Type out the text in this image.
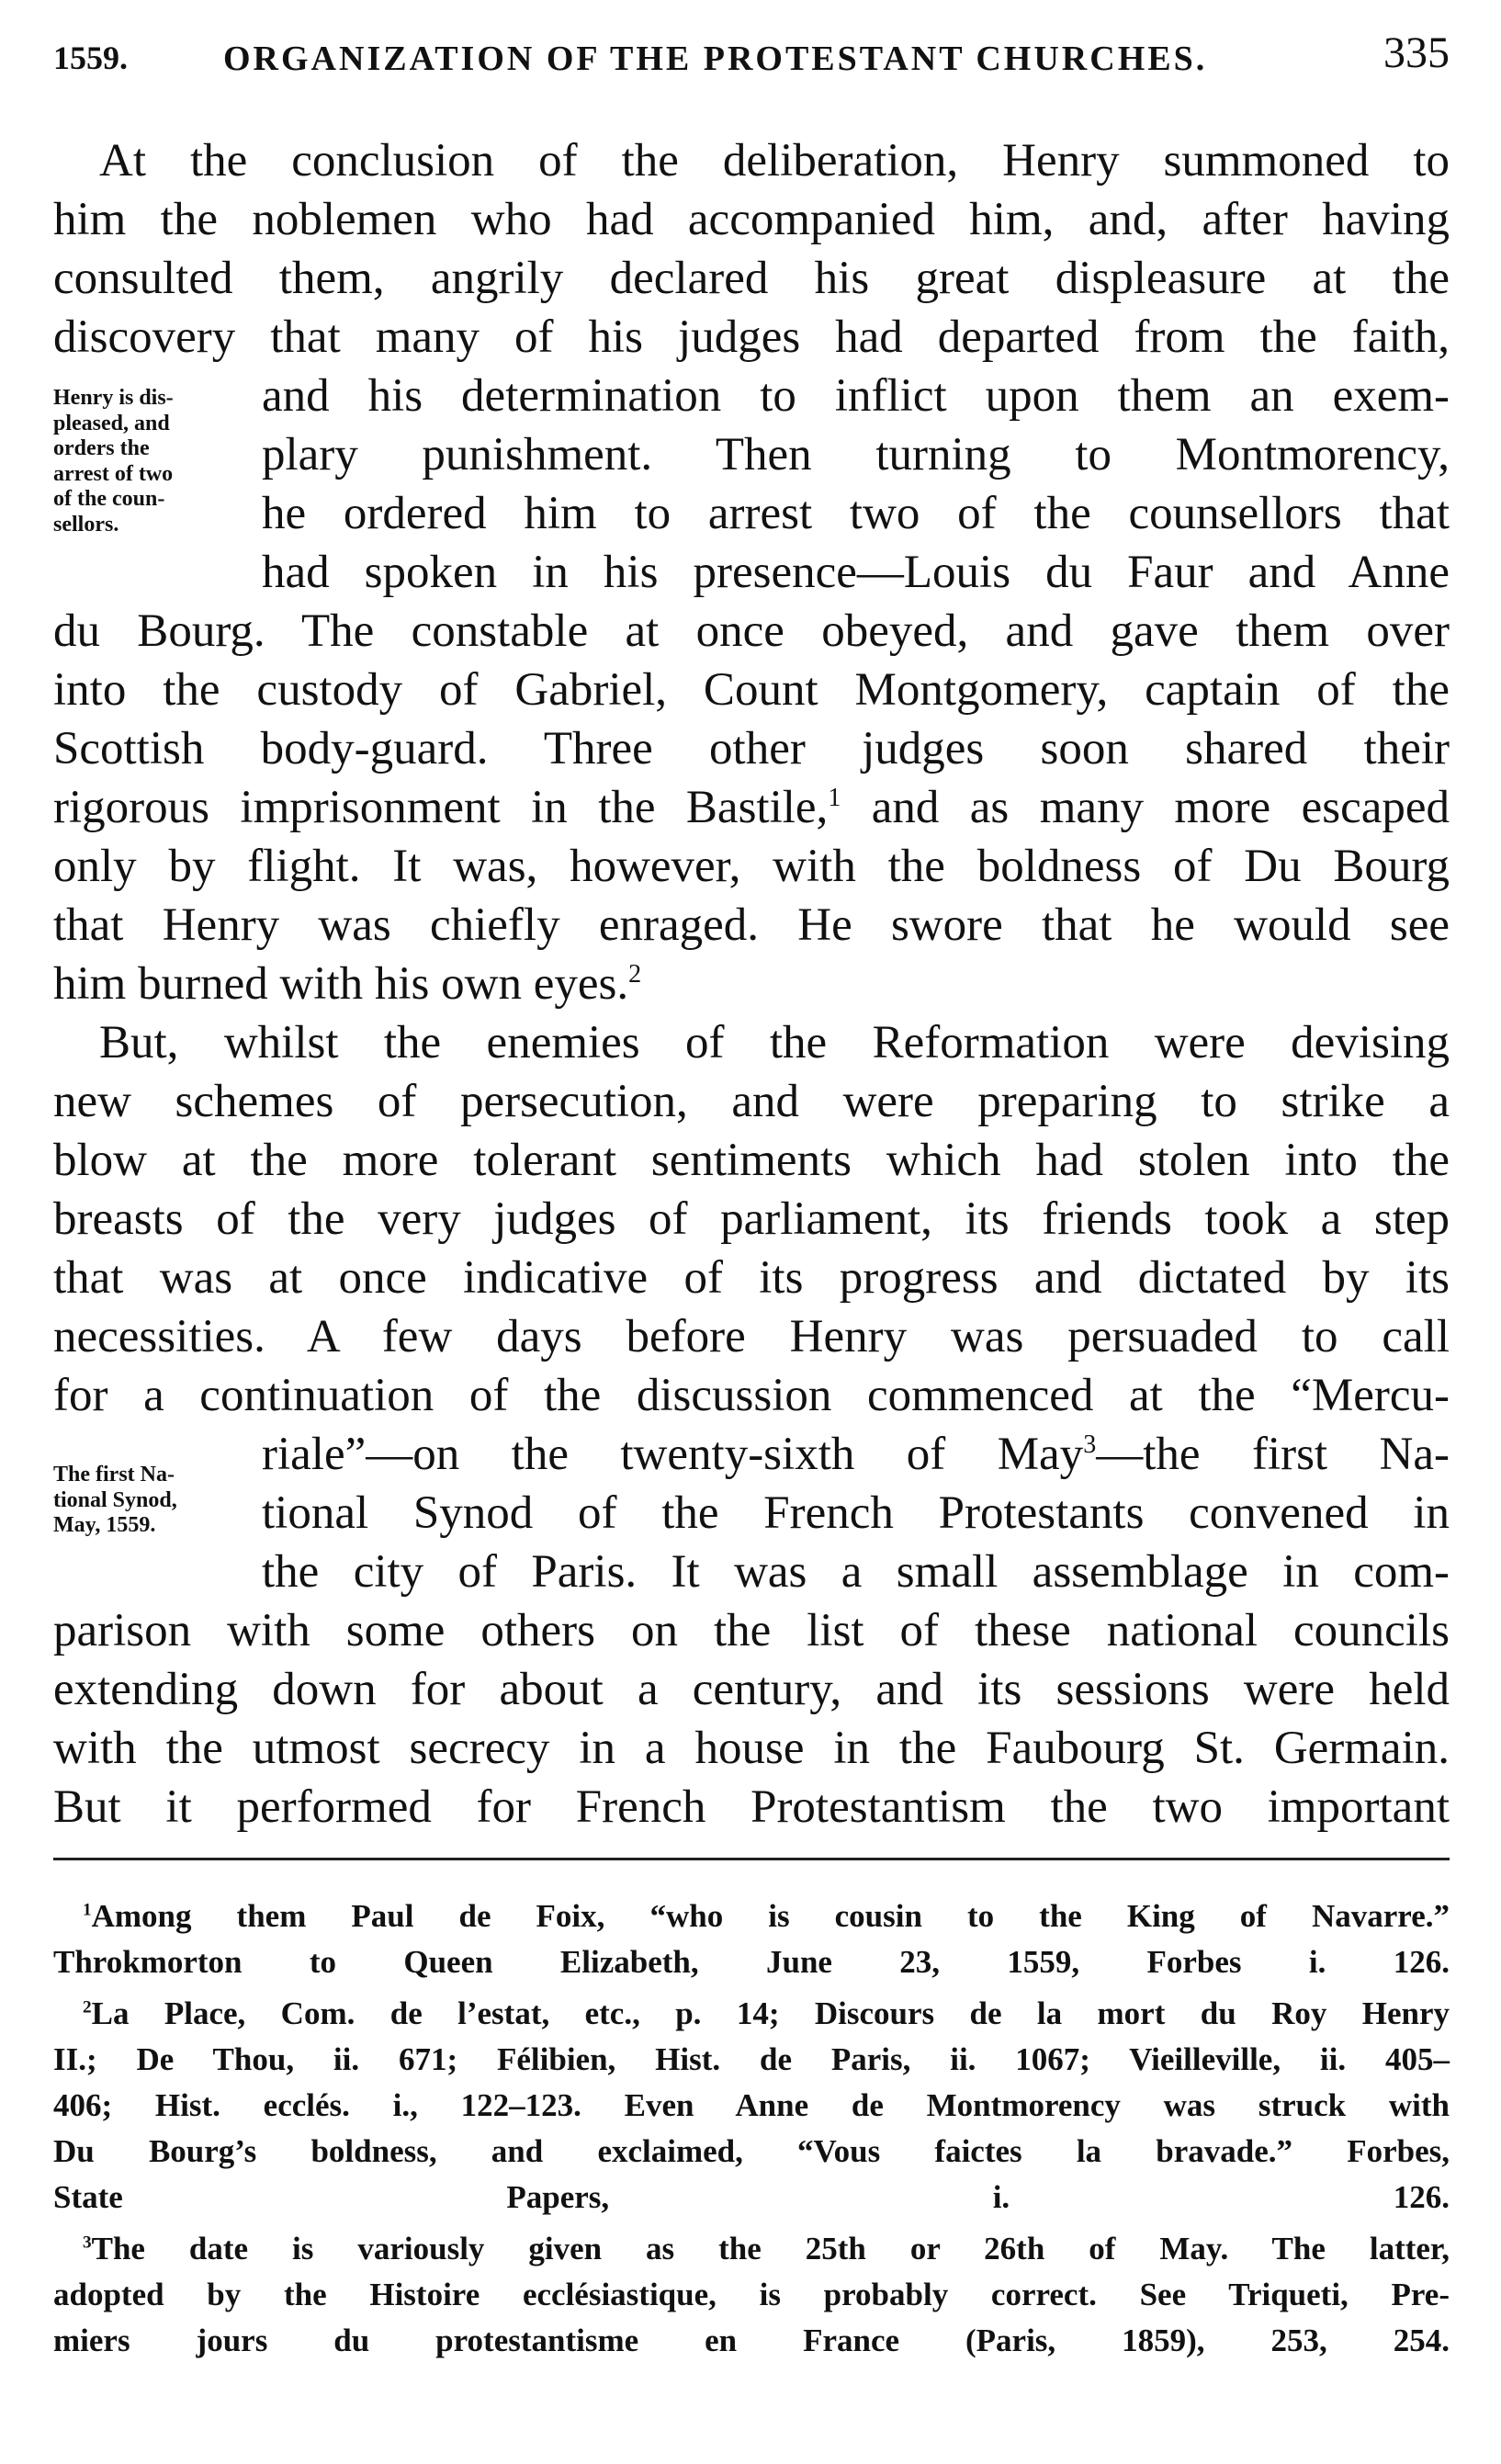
1559.	ORGANIZATION OF THE PROTESTANT CHURCHES.	335
At the conclusion of the deliberation, Henry summoned to
him the noblemen who had accompanied him, and, after having
consulted them, angrily declared his great displeasure at the
discovery that many of his judges had departed from the faith,
and his determination to inflict upon them an exem-
plary punishment. Then turning to Montmorency,
he ordered him to arrest two of the counsellors that
had spoken in his presence—Louis du Faur and Anne
du Bourg. The constable at once obeyed, and gave them over
into the custody of Gabriel, Count Montgomery, captain of the
Scottish body-guard. Three other judges soon shared their
rigorous imprisonment in the Bastile,$^1$ and as many more escaped
only by flight. It was, however, with the boldness of Du Bourg
that Henry was chiefly enraged. He swore that he would see
him burned with his own eyes.$^2$
But, whilst the enemies of the Reformation were devising
new schemes of persecution, and were preparing to strike a
blow at the more tolerant sentiments which had stolen into the
breasts of the very judges of parliament, its friends took a step
that was at once indicative of its progress and dictated by its
necessities. A few days before Henry was persuaded to call
for a continuation of the discussion commenced at the “Mercu-
riale”—on the twenty-sixth of May$^3$—the first Na-
tional Synod of the French Protestants convened in
Henry is dis-
pleased, and
orders the
arrest of two
of the coun-
sellors.
The first Na-
tional Synod,
May, 1559.
$^1$Among them Paul de Foix, “who is cousin to the King of Navarre.”
Throkmorton to Queen Elizabeth, June 23, 1559, Forbes i. 126.
$^2$La Place, Com. de l’estat, etc., p. 14; Discours de la mort du Roy Henry
II.; De Thou, ii. 671; Félibien, Hist. de Paris, ii. 1067; Vieilleville, ii. 405–
406; Hist. ecclés. i., 122–123. Even Anne de Montmorency was struck with
Du Bourg’s boldness, and exclaimed, “Vous faictes la bravade.” Forbes,
State Papers, i. 126.
$^3$The date is variously given as the 25th or 26th of May. The latter,
adopted by the Histoire ecclésiastique, is probably correct. See Triqueti, Pre-
miers jours du protestantisme en France (Paris, 1859), 253, 254.
the city of Paris. It was a small assemblage in com-
parison with some others on the list of these national councils
extending down for about a century, and its sessions were held
with the utmost secrecy in a house in the Faubourg St. Germain.
But it performed for French Protestantism the two important
